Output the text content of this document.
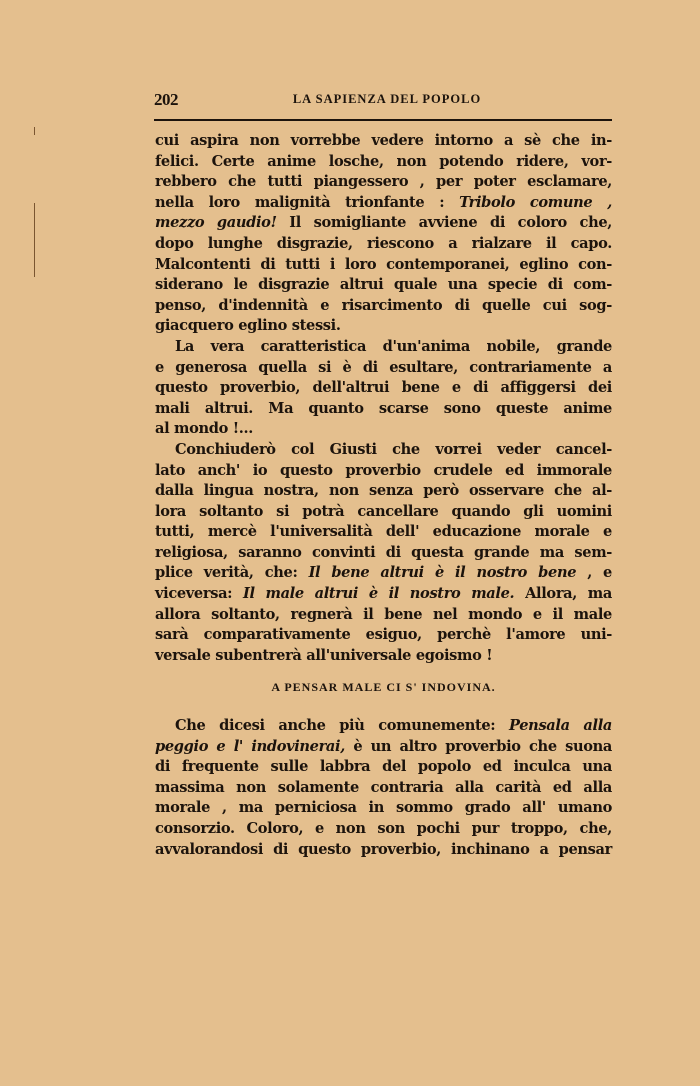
202	LA SAPIENZA DEL POPOLO
cui aspira non vorrebbe vedere intorno a sè che in-
felici. Certe anime losche, non potendo ridere, vor-
rebbero che tutti piangessero , per poter esclamare,
nella loro malignità trionfante : Tribolo comune ,
mezzo gaudio! Il somigliante avviene di coloro che,
dopo lunghe disgrazie, riescono a rialzare il capo.
Malcontenti di tutti i loro contemporanei, eglino con-
siderano le disgrazie altrui quale una specie di com-
penso, d'indennità e risarcimento di quelle cui sog-
giacquero eglino stessi.
La vera caratteristica d'un'anima nobile, grande
e generosa quella si è di esultare, contrariamente a
questo proverbio, dell'altrui bene e di affiggersi dei
mali altrui. Ma quanto scarse sono queste anime
al mondo !...
Conchiuderò col Giusti che vorrei veder cancel-
lato anch' io questo proverbio crudele ed immorale
dalla lingua nostra, non senza però osservare che al-
lora soltanto si potrà cancellare quando gli uomini
tutti, mercè l'universalità dell' educazione morale e
religiosa, saranno convinti di questa grande ma sem-
plice verità, che: Il bene altrui è il nostro bene , e
viceversa: Il male altrui è il nostro male. Allora, ma
allora soltanto, regnerà il bene nel mondo e il male
sarà comparativamente esiguo, perchè l'amore uni-
versale subentrerà all'universale egoismo !
A PENSAR MALE CI S' INDOVINA.
Che dicesi anche più comunemente: Pensala alla
peggio e l' indovinerai, è un altro proverbio che suona
di frequente sulle labbra del popolo ed inculca una
massima non solamente contraria alla carità ed alla
morale , ma perniciosa in sommo grado all' umano
consorzio. Coloro, e non son pochi pur troppo, che,
avvalorandosi di questo proverbio, inchinano a pensar
